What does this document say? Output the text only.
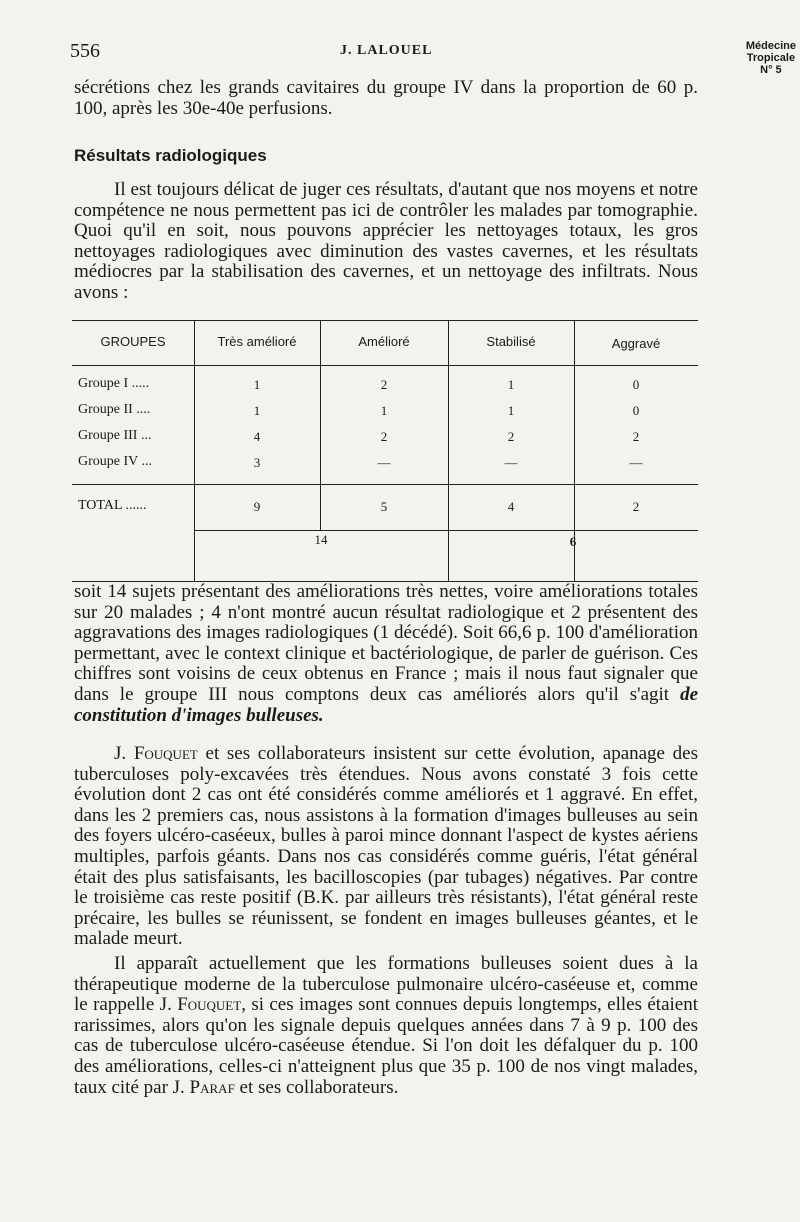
556	J. LALOUEL	Médecine
Tropicale
N° 5

sécrétions chez les grands cavitaires du groupe IV dans la proportion de 60 p. 100, après les 30e-40e perfusions.

Résultats radiologiques

Il est toujours délicat de juger ces résultats, d'autant que nos moyens et notre compétence ne nous permettent pas ici de contrôler les malades par tomographie. Quoi qu'il en soit, nous pouvons apprécier les nettoyages totaux, les gros nettoyages radiologiques avec diminution des vastes cavernes, et les résultats médiocres par la stabilisation des cavernes, et un nettoyage des infiltrats. Nous avons :

GROUPES	Très amélioré	Amélioré	Stabilisé	Aggravé
Groupe I .....	1	2	1	0
Groupe II ....	1	1	1	0
Groupe III ...	4	2	2	2
Groupe IV ...	3	—	—	—
TOTAL ......	9	5	4	2
14	6

soit 14 sujets présentant des améliorations très nettes, voire améliorations totales sur 20 malades ; 4 n'ont montré aucun résultat radiologique et 2 présentent des aggravations des images radiologiques (1 décédé). Soit 66,6 p. 100 d'amélioration permettant, avec le context clinique et bactériologique, de parler de guérison. Ces chiffres sont voisins de ceux obtenus en France ; mais il nous faut signaler que dans le groupe III nous comptons deux cas améliorés alors qu'il s'agit de constitution d'images bulleuses.

J. Fouquet et ses collaborateurs insistent sur cette évolution, apanage des tuberculoses poly-excavées très étendues. Nous avons constaté 3 fois cette évolution dont 2 cas ont été considérés comme améliorés et 1 aggravé. En effet, dans les 2 premiers cas, nous assistons à la formation d'images bulleuses au sein des foyers ulcéro-caséeux, bulles à paroi mince donnant l'aspect de kystes aériens multiples, parfois géants. Dans nos cas considérés comme guéris, l'état général était des plus satisfaisants, les bacilloscopies (par tubages) négatives. Par contre le troisième cas reste positif (B.K. par ailleurs très résistants), l'état général reste précaire, les bulles se réunissent, se fondent en images bulleuses géantes, et le malade meurt.

Il apparaît actuellement que les formations bulleuses soient dues à la thérapeutique moderne de la tuberculose pulmonaire ulcéro-caséeuse et, comme le rappelle J. Fouquet, si ces images sont connues depuis longtemps, elles étaient rarissimes, alors qu'on les signale depuis quelques années dans 7 à 9 p. 100 des cas de tuberculose ulcéro-caséeuse étendue. Si l'on doit les défalquer du p. 100 des améliorations, celles-ci n'atteignent plus que 35 p. 100 de nos vingt malades, taux cité par J. Paraf et ses collaborateurs.
